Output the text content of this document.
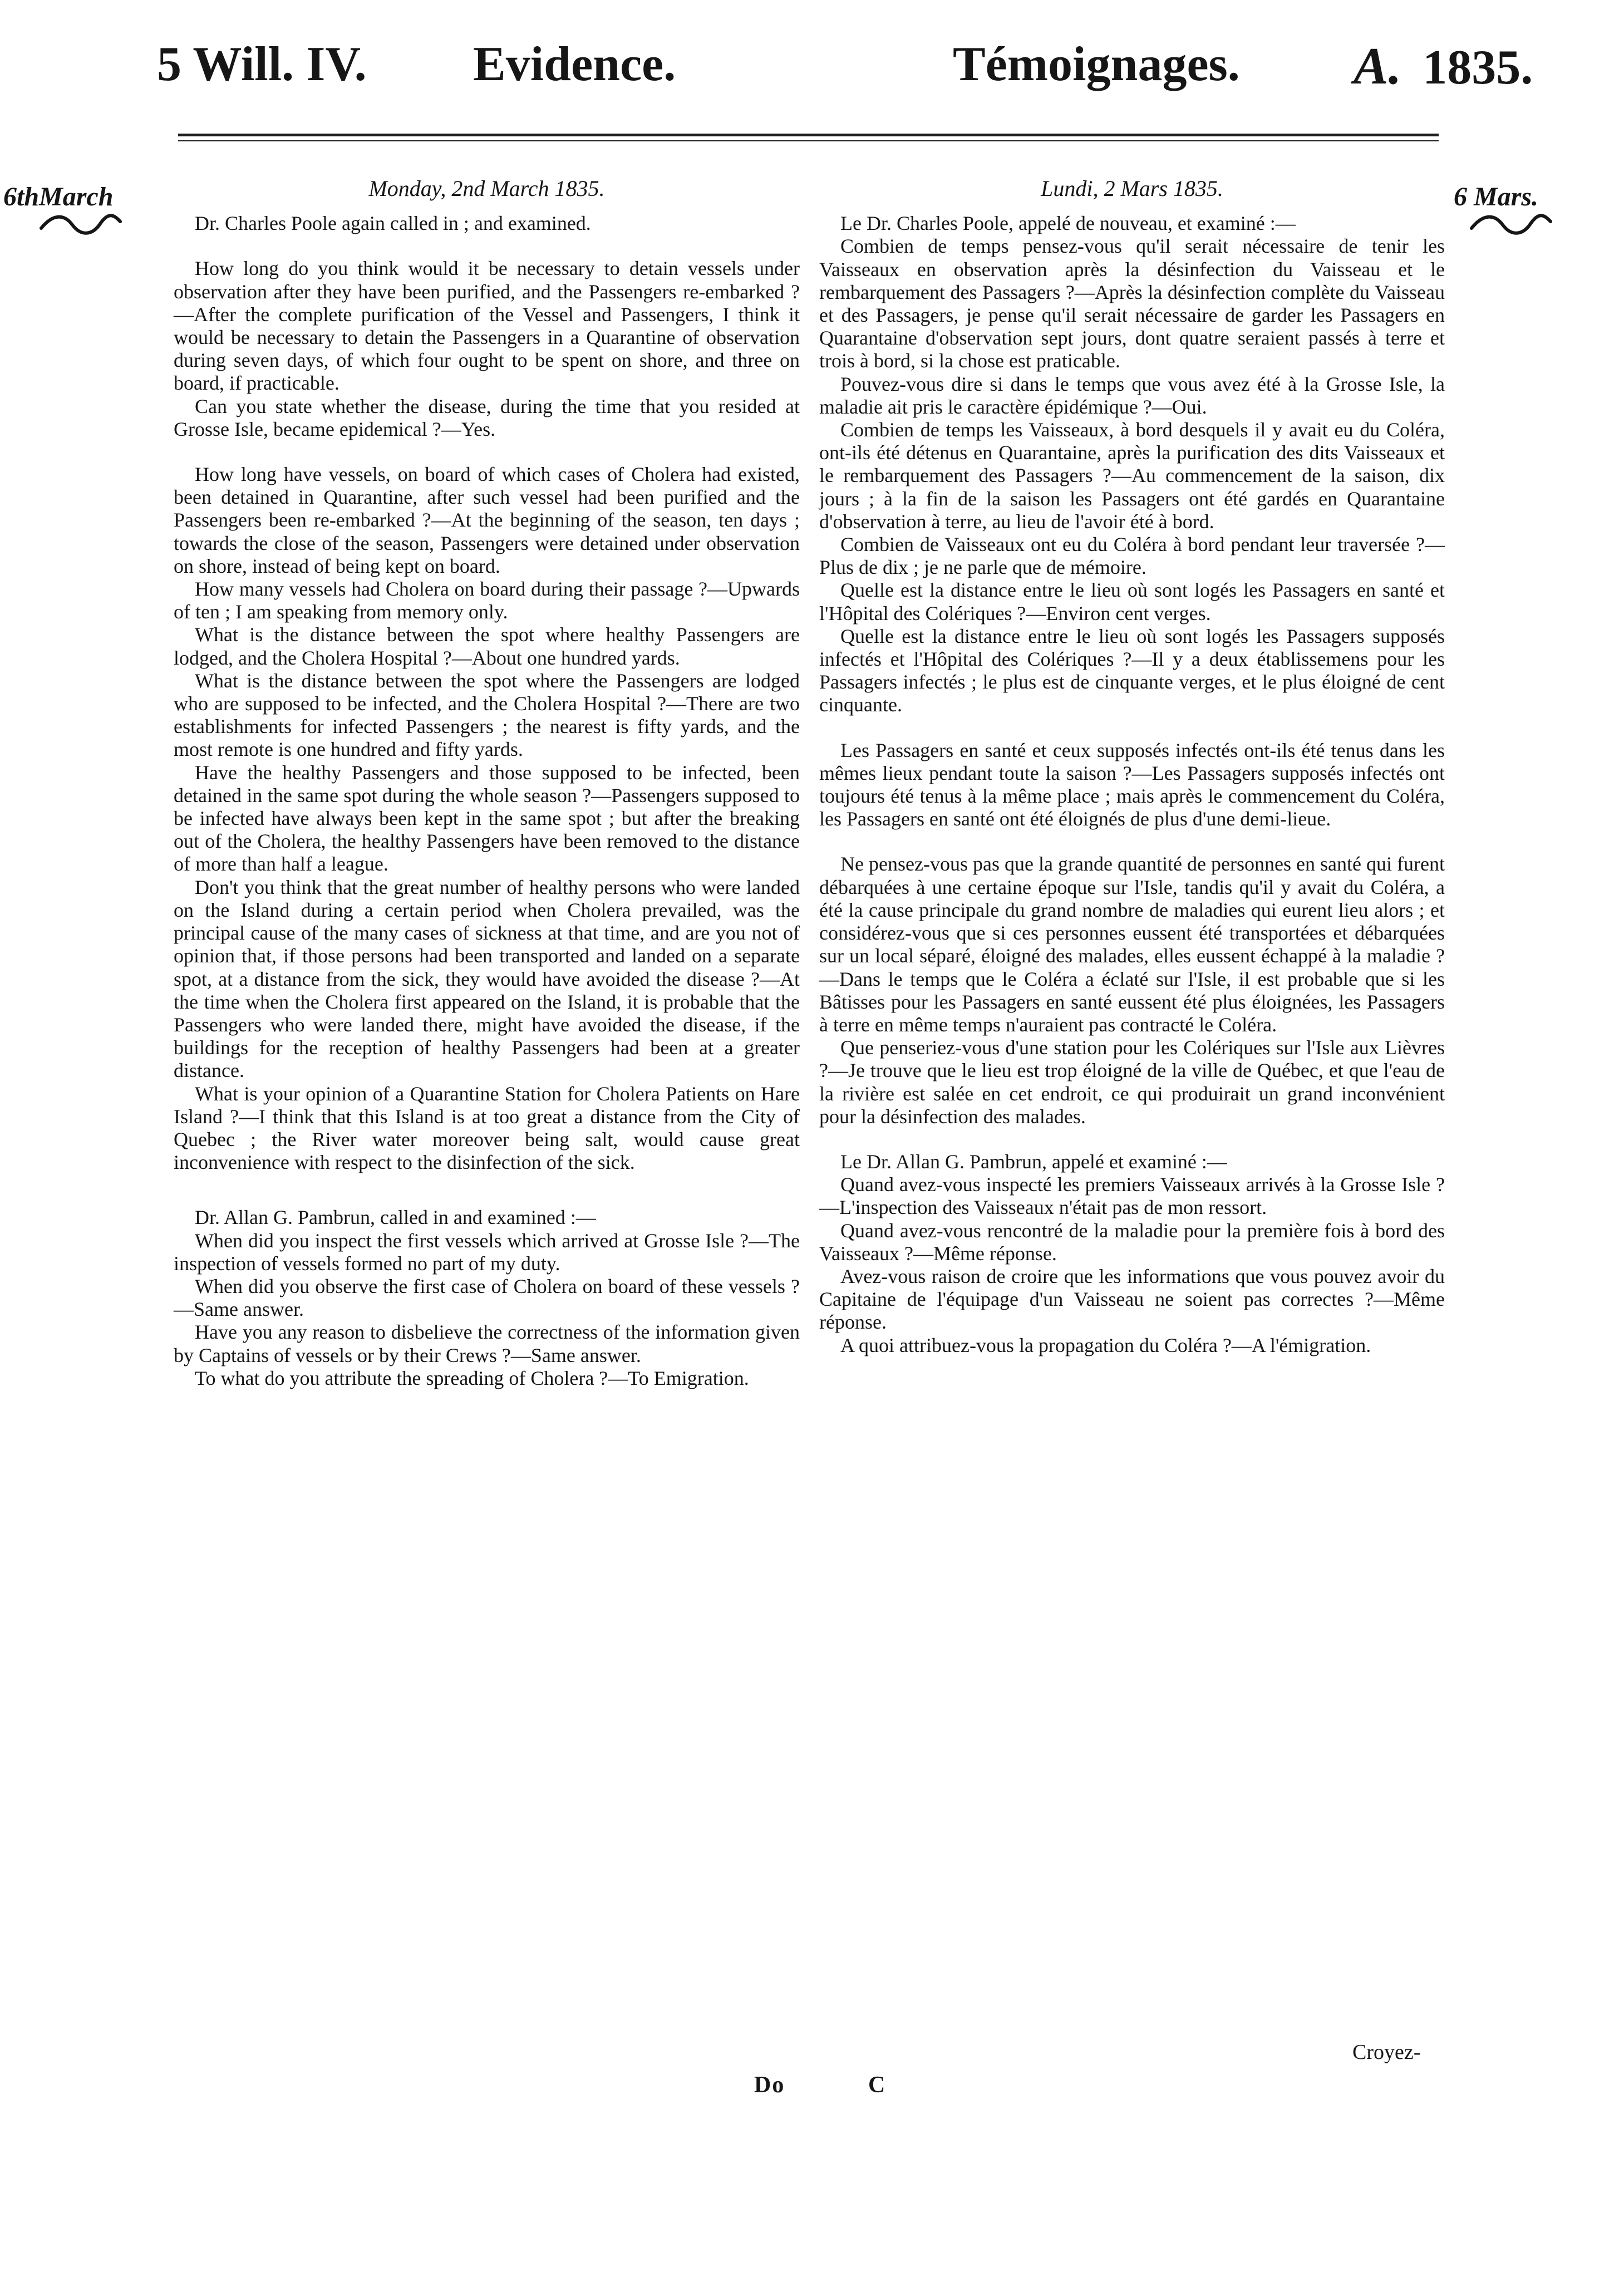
5 Will. IV. Evidence.	Témoignages. A. 1835.
6thMarch	6 Mars.

Monday, 2nd March 1835.

Dr. Charles Poole again called in ; and examined.

How long do you think would it be necessary to detain vessels under observation after they have been purified, and the Passengers re-embarked ?—After the complete purification of the Vessel and Passengers, I think it would be necessary to detain the Passengers in a Quarantine of observation during seven days, of which four ought to be spent on shore, and three on board, if practicable.

Can you state whether the disease, during the time that you resided at Grosse Isle, became epidemical ?—Yes.

How long have vessels, on board of which cases of Cholera had existed, been detained in Quarantine, after such vessel had been purified and the Passengers been re-embarked ?—At the beginning of the season, ten days ; towards the close of the season, Passengers were detained under observation on shore, instead of being kept on board.

How many vessels had Cholera on board during their passage ?—Upwards of ten ; I am speaking from memory only.

What is the distance between the spot where healthy Passengers are lodged, and the Cholera Hospital ?—About one hundred yards.

What is the distance between the spot where the Passengers are lodged who are supposed to be infected, and the Cholera Hospital ?—There are two establishments for infected Passengers ; the nearest is fifty yards, and the most remote is one hundred and fifty yards.

Have the healthy Passengers and those supposed to be infected, been detained in the same spot during the whole season ?—Passengers supposed to be infected have always been kept in the same spot ; but after the breaking out of the Cholera, the healthy Passengers have been removed to the distance of more than half a league.

Don't you think that the great number of healthy persons who were landed on the Island during a certain period when Cholera prevailed, was the principal cause of the many cases of sickness at that time, and are you not of opinion that, if those persons had been transported and landed on a separate spot, at a distance from the sick, they would have avoided the disease ?—At the time when the Cholera first appeared on the Island, it is probable that the Passengers who were landed there, might have avoided the disease, if the buildings for the reception of healthy Passengers had been at a greater distance.

What is your opinion of a Quarantine Station for Cholera Patients on Hare Island ?—I think that this Island is at too great a distance from the City of Quebec ; the River water moreover being salt, would cause great inconvenience with respect to the disinfection of the sick.

Dr. Allan G. Pambrun, called in and examined :—

When did you inspect the first vessels which arrived at Grosse Isle ?—The inspection of vessels formed no part of my duty.

When did you observe the first case of Cholera on board of these vessels ?—Same answer.

Have you any reason to disbelieve the correctness of the information given by Captains of vessels or by their Crews ?—Same answer.

To what do you attribute the spreading of Cholera ?—To Emigration.

Lundi, 2 Mars 1835.

Le Dr. Charles Poole, appelé de nouveau, et examiné :—

Combien de temps pensez-vous qu'il serait nécessaire de tenir les Vaisseaux en observation après la désinfection du Vaisseau et le rembarquement des Passagers ?—Après la désinfection complète du Vaisseau et des Passagers, je pense qu'il serait nécessaire de garder les Passagers en Quarantaine d'observation sept jours, dont quatre seraient passés à terre et trois à bord, si la chose est praticable.

Pouvez-vous dire si dans le temps que vous avez été à la Grosse Isle, la maladie ait pris le caractère épidémique ?—Oui.

Combien de temps les Vaisseaux, à bord desquels il y avait eu du Coléra, ont-ils été détenus en Quarantaine, après la purification des dits Vaisseaux et le rembarquement des Passagers ?—Au commencement de la saison, dix jours ; à la fin de la saison les Passagers ont été gardés en Quarantaine d'observation à terre, au lieu de l'avoir été à bord.

Combien de Vaisseaux ont eu du Coléra à bord pendant leur traversée ?—Plus de dix ; je ne parle que de mémoire.

Quelle est la distance entre le lieu où sont logés les Passagers en santé et l'Hôpital des Colériques ?—Environ cent verges.

Quelle est la distance entre le lieu où sont logés les Passagers supposés infectés et l'Hôpital des Colériques ?—Il y a deux établissemens pour les Passagers infectés ; le plus est de cinquante verges, et le plus éloigné de cent cinquante.

Les Passagers en santé et ceux supposés infectés ont-ils été tenus dans les mêmes lieux pendant toute la saison ?—Les Passagers supposés infectés ont toujours été tenus à la même place ; mais après le commencement du Coléra, les Passagers en santé ont été éloignés de plus d'une demi-lieue.

Ne pensez-vous pas que la grande quantité de personnes en santé qui furent débarquées à une certaine époque sur l'Isle, tandis qu'il y avait du Coléra, a été la cause principale du grand nombre de maladies qui eurent lieu alors ; et considérez-vous que si ces personnes eussent été transportées et débarquées sur un local séparé, éloigné des malades, elles eussent échappé à la maladie ?—Dans le temps que le Coléra a éclaté sur l'Isle, il est probable que si les Bâtisses pour les Passagers en santé eussent été plus éloignées, les Passagers à terre en même temps n'auraient pas contracté le Coléra.

Que penseriez-vous d'une station pour les Colériques sur l'Isle aux Lièvres ?—Je trouve que le lieu est trop éloigné de la ville de Québec, et que l'eau de la rivière est salée en cet endroit, ce qui produirait un grand inconvénient pour la désinfection des malades.

Le Dr. Allan G. Pambrun, appelé et examiné :—

Quand avez-vous inspecté les premiers Vaisseaux arrivés à la Grosse Isle ?—L'inspection des Vaisseaux n'était pas de mon ressort.

Quand avez-vous rencontré de la maladie pour la première fois à bord des Vaisseaux ?—Même réponse.

Avez-vous raison de croire que les informations que vous pouvez avoir du Capitaine de l'équipage d'un Vaisseau ne soient pas correctes ?—Même réponse.

A quoi attribuez-vous la propagation du Coléra ?—A l'émigration.

Croyez-
Do	C
